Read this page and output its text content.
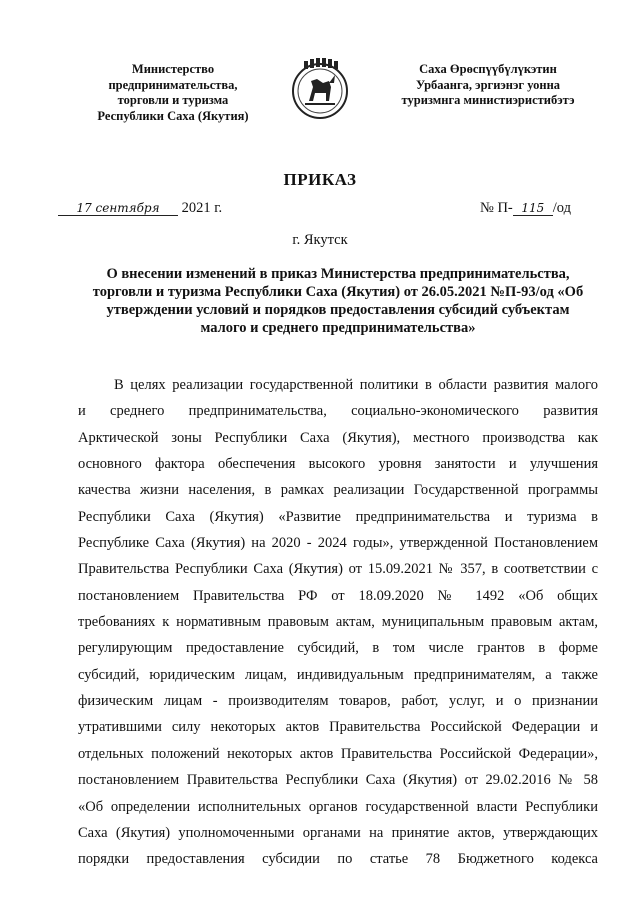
Министерство
предпринимательства,
торговли и туризма
Республики Саха (Якутия)
Саха Өрөспүүбүлүкэтин
Урбаанга, эргиэнэг уонна
туризмнга министиэристибэтэ
ПРИКАЗ
17 сентября 2021 г.	№ П- 115 /од
г. Якутск
О внесении изменений в приказ Министерства предпринимательства,
торговли и туризма Республики Саха (Якутия) от 26.05.2021 №П-93/од «Об
утверждении условий и порядков предоставления субсидий субъектам
малого и среднего предпринимательства»
В целях реализации государственной политики в области развития малого
и среднего предпринимательства, социально-экономического развития
Арктической зоны Республики Саха (Якутия), местного производства как
основного фактора обеспечения высокого уровня занятости и улучшения
качества жизни населения, в рамках реализации Государственной программы
Республики Саха (Якутия) «Развитие предпринимательства и туризма в
Республике Саха (Якутия) на 2020 - 2024 годы», утвержденной Постановлением
Правительства Республики Саха (Якутия) от 15.09.2021 № 357, в соответствии с
постановлением Правительства РФ от 18.09.2020 № 1492 «Об общих
требованиях к нормативным правовым актам, муниципальным правовым актам,
регулирующим предоставление субсидий, в том числе грантов в форме
субсидий, юридическим лицам, индивидуальным предпринимателям, а также
физическим лицам - производителям товаров, работ, услуг, и о признании
утратившими силу некоторых актов Правительства Российской Федерации и
отдельных положений некоторых актов Правительства Российской Федерации»,
постановлением Правительства Республики Саха (Якутия) от 29.02.2016 № 58
«Об определении исполнительных органов государственной власти Республики
Саха (Якутия) уполномоченными органами на принятие актов, утверждающих
порядки предоставления субсидии по статье 78 Бюджетного кодекса
